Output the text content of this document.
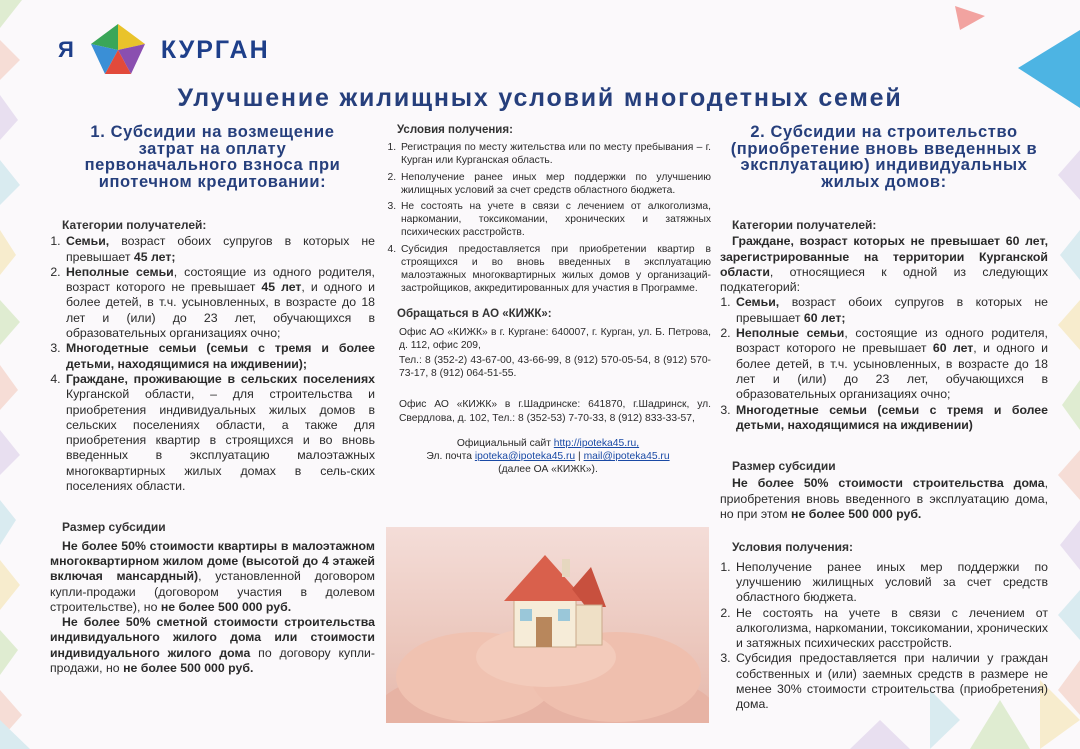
Я	КУРГАН
Улучшение жилищных условий многодетных семей
1. Субсидии на возмещение
затрат на оплату
первоначального взноса при
ипотечном кредитовании:
Категории получателей:
1. Семьи, возраст обоих супругов в которых не превышает 45 лет;
2. Неполные семьи, состоящие из одного родителя, возраст которого не превышает 45 лет, и одного и более детей, в т.ч. усыновленных, в возрасте до 18 лет и (или) до 23 лет, обучающихся в образовательных организациях очно;
3. Многодетные семьи (семьи с тремя и более детьми, находящимися на иждивении);
4. Граждане, проживающие в сельских поселениях Курганской области, – для строительства и приобретения индивидуальных жилых домов в сельских поселениях области, а также для приобретения квартир в строящихся и во вновь введенных в эксплуатацию малоэтажных многоквартирных жилых домах в сель-ских поселениях области.
Размер субсидии

Не более 50% стоимости квартиры в малоэтажном многоквартирном жилом доме (высотой до 4 этажей включая мансардный), установленной договором купли-продажи (договором участия в долевом строительстве), но не более 500 000 руб.

Не более 50% сметной стоимости строительства индивидуального жилого дома или стоимости индивидуального жилого дома по договору купли-продажи, но не более 500 000 руб.

Условия получения:
1. Регистрация по месту жительства или по месту пребывания – г. Курган или Курганская область.
2. Неполучение ранее иных мер поддержки по улучшению жилищных условий за счет средств областного бюджета.
3. Не состоять на учете в связи с лечением от алкоголизма, наркомании, токсикомании, хронических и затяжных психических расстройств.
4. Субсидия предоставляется при приобретении квартир в строящихся и во вновь введенных в эксплуатацию малоэтажных многоквартирных жилых домов у организаций-застройщиков, аккредитированных для участия в Программе.
Обращаться в АО «КИЖК»:

Офис АО «КИЖК» в г. Кургане: 640007, г. Курган, ул. Б. Петрова, д. 112, офис 209,

Тел.: 8 (352-2) 43-67-00, 43-66-99, 8 (912) 570-05-54, 8 (912) 570-73-17, 8 (912) 064-51-55.

Офис АО «КИЖК» в г.Шадринске: 641870, г.Шадринск, ул. Свердлова, д. 102, Тел.: 8 (352-53) 7-70-33, 8 (912) 833-33-57,

Официальный сайт http://ipoteka45.ru,
Эл. почта ipoteka@ipoteka45.ru | mail@ipoteka45.ru
(далее ОА «КИЖК»).
2. Субсидии на строительство
(приобретение вновь введенных в
эксплуатацию) индивидуальных
жилых домов:
Категории получателей:

Граждане, возраст которых не превышает 60 лет, зарегистрированные на территории Курганской области, относящиеся к одной из следующих подкатегорий:

1. Семьи, возраст обоих супругов в которых не превышает 60 лет;
2. Неполные семьи, состоящие из одного родителя, возраст которого не превышает 60 лет, и одного и более детей, в т.ч. усыновленных, в возрасте до 18 лет и (или) до 23 лет, обучающихся в образовательных организациях очно;
3. Многодетные семьи (семьи с тремя и более детьми, находящимися на иждивении)
Размер субсидии

Не более 50% стоимости строительства дома, приобретения вновь введенного в эксплуатацию дома, но при этом не более 500 000 руб.

Условия получения:
1. Неполучение ранее иных мер поддержки по улучшению жилищных условий за счет средств областного бюджета.
2. Не состоять на учете в связи с лечением от алкоголизма, наркомании, токсикомании, хронических и затяжных психических расстройств.
3. Субсидия предоставляется при наличии у граждан собственных и (или) заемных средств в размере не менее 30% стоимости строительства (приобретения) дома.
